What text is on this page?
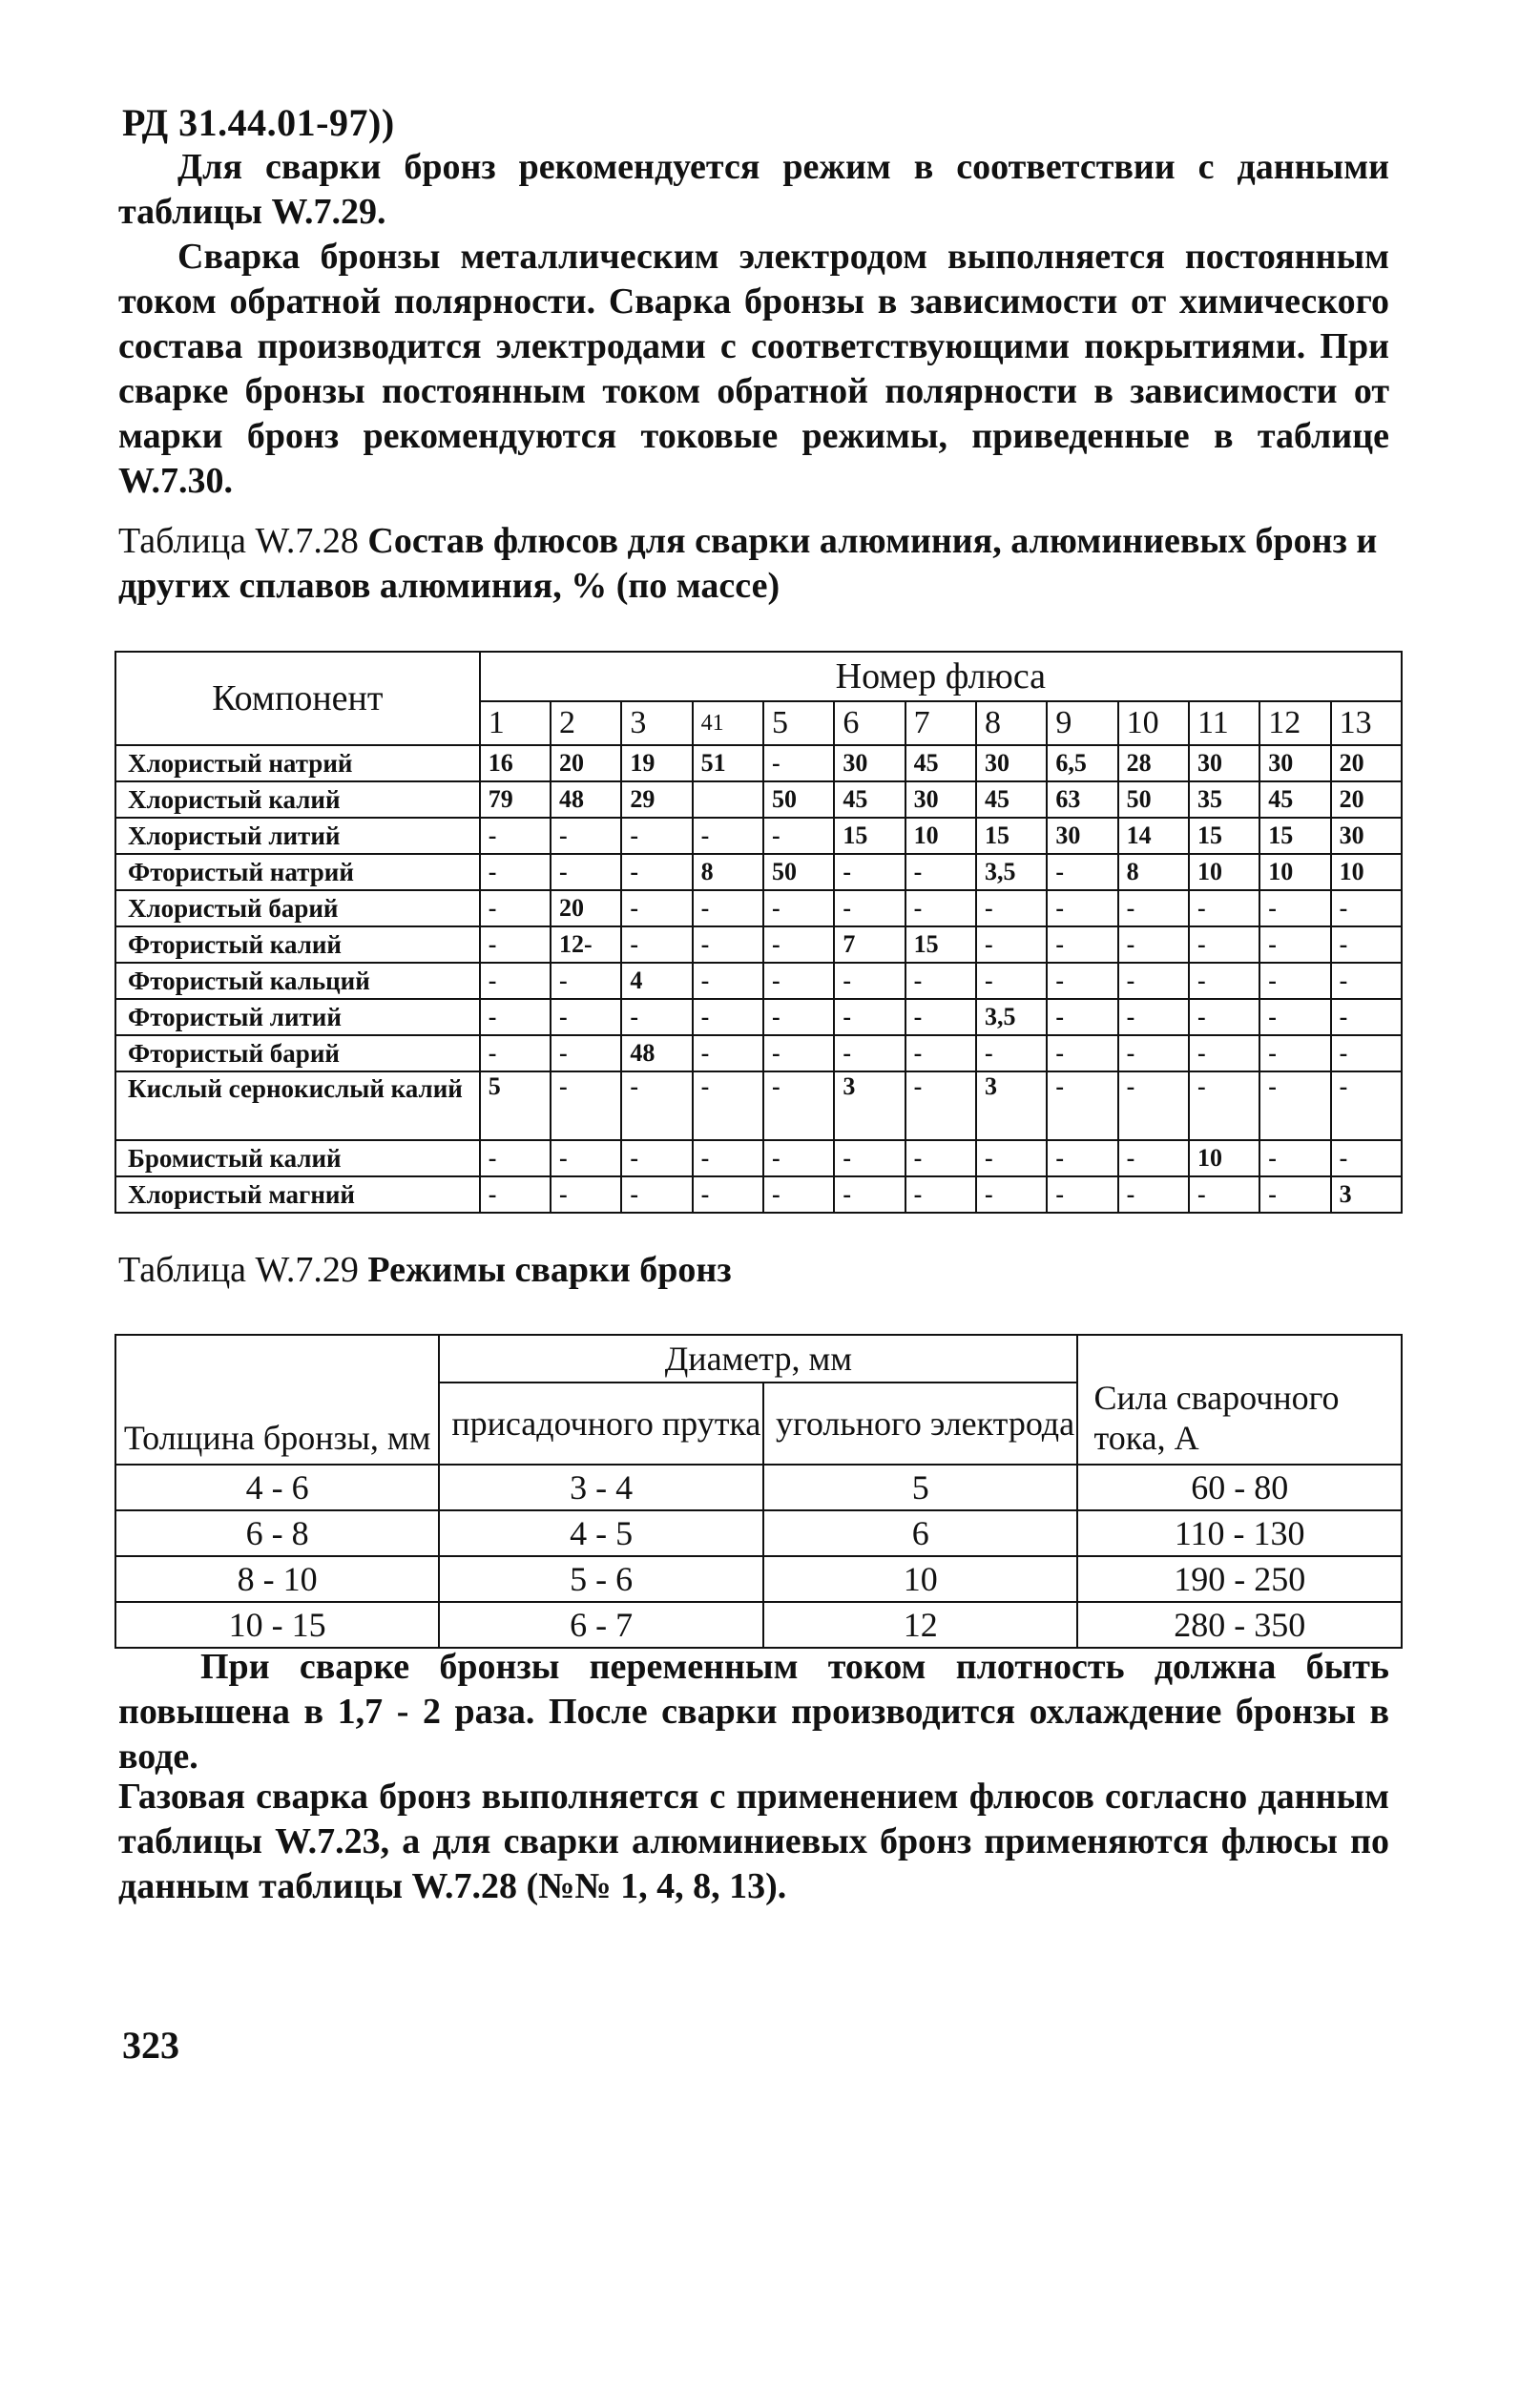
РД 31.44.01-97))
Для сварки бронз рекомендуется режим в соответствии с данными таблицы W.7.29.
Сварка бронзы металлическим электродом выполняется постоянным током обратной полярности. Сварка бронзы в зависимости от химического состава производится электродами с соответствующими покрытиями. При сварке бронзы постоянным током обратной полярности в зависимости от марки бронз рекомендуются токовые режимы, приведенные в таблице W.7.30.
Таблица W.7.28 Состав флюсов для сварки алюминия, алюминиевых бронз и других сплавов алюминия, % (по массе)
Компонент	Номер флюса												
	1	2	3	41	5	6	7	8	9	10	11	12	13
Хлористый натрий	16	20	19	51	-	30	45	30	6,5	28	30	30	20
Хлористый калий	79	48	29		50	45	30	45	63	50	35	45	20
Хлористый литий	-	-	-	-	-	15	10	15	30	14	15	15	30
Фтористый натрий	-	-	-	8	50	-	-	3,5	-	8	10	10	10
Хлористый барий	-	20	-	-	-	-	-	-	-	-	-	-	-
Фтористый калий	-	12-	-	-	-	7	15	-	-	-	-	-	-
Фтористый кальций	-	-	4	-	-	-	-	-	-	-	-	-	-
Фтористый литий	-	-	-	-	-	-	-	3,5	-	-	-	-	-
Фтористый барий	-	-	48	-	-	-	-	-	-	-	-	-	-
Кислый сернокислый калий	5	-	-	-	-	3	-	3	-	-	-	-	-
Бромистый калий	-	-	-	-	-	-	-	-	-	-	10	-	-
Хлористый магний	-	-	-	-	-	-	-	-	-	-	-	-	3
Таблица W.7.29 Режимы сварки бронз
Толщина бронзы, мм	Диаметр, мм		Сила сварочного тока, А
	присадочного прутка	угольного электрода	
4 - 6	3 - 4	5	60 - 80
6 - 8	4 - 5	6	110 - 130
8 - 10	5 - 6	10	190 - 250
10 - 15	6 - 7	12	280 - 350
При сварке бронзы переменным током плотность должна быть повышена в 1,7 - 2 раза. После сварки производится охлаждение бронзы в воде.
Газовая сварка бронз выполняется с применением флюсов согласно данным таблицы W.7.23, а для сварки алюминиевых бронз применяются флюсы по данным таблицы W.7.28 (№№ 1, 4, 8, 13).
323
